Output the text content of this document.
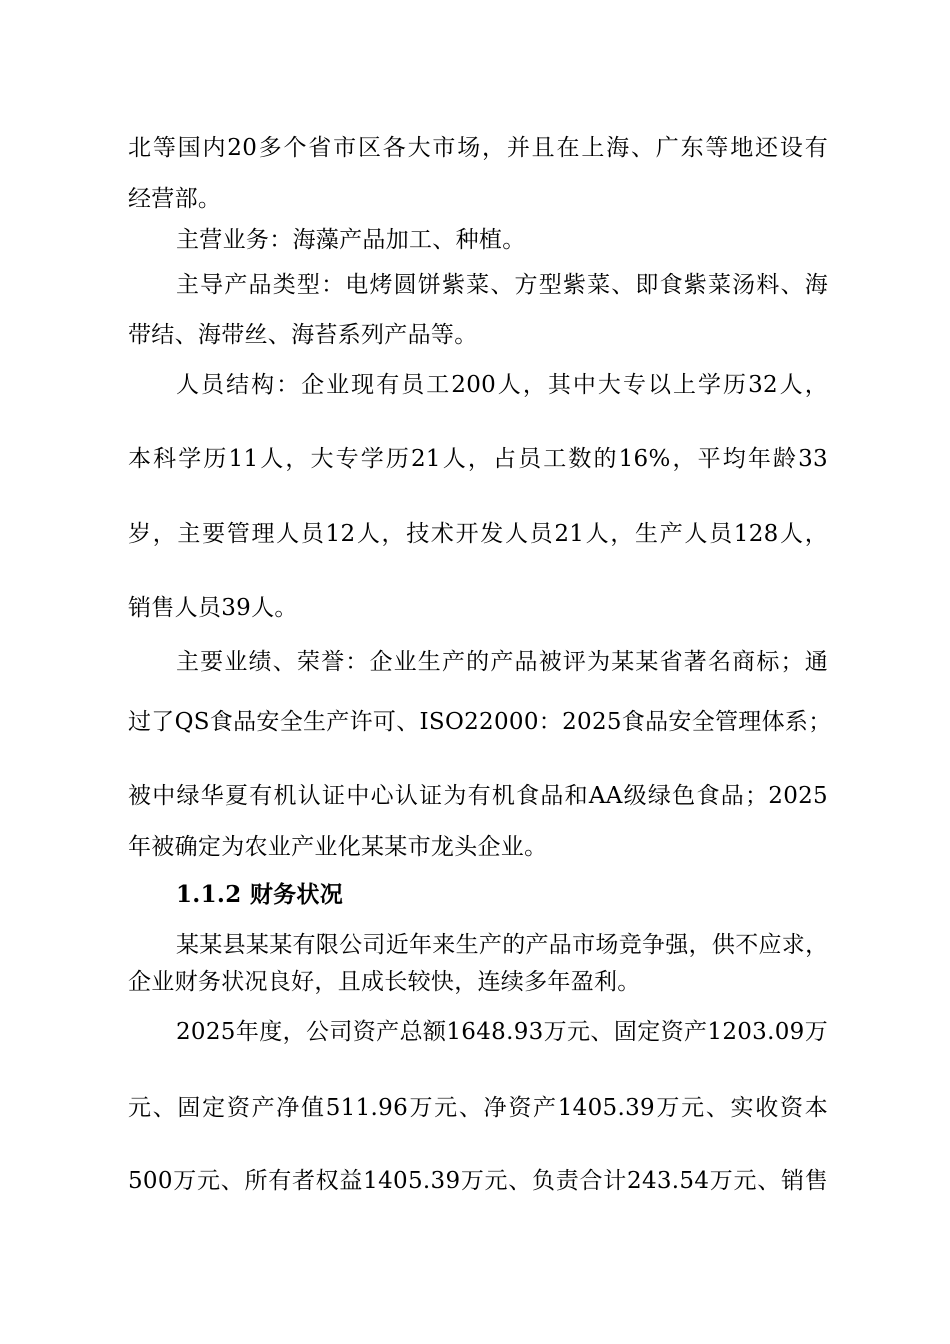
北等国内20多个省市区各大市场，并且在上海、广东等地还设有
经营部。
主营业务：海藻产品加工、种植。
主导产品类型：电烤圆饼紫菜、方型紫菜、即食紫菜汤料、海
带结、海带丝、海苔系列产品等。
人员结构：企业现有员工200人，其中大专以上学历32人，
本科学历11人，大专学历21人，占员工数的16%，平均年龄33
岁，主要管理人员12人，技术开发人员21人，生产人员128人，
销售人员39人。
主要业绩、荣誉：企业生产的产品被评为某某省著名商标；通
过了QS食品安全生产许可、ISO22000：2025食品安全管理体系；
被中绿华夏有机认证中心认证为有机食品和AA级绿色食品；2025
年被确定为农业产业化某某市龙头企业。
1.1.2 财务状况
某某县某某有限公司近年来生产的产品市场竞争强，供不应求，
企业财务状况良好，且成长较快，连续多年盈利。
2025年度，公司资产总额1648.93万元、固定资产1203.09万
元、固定资产净值511.96万元、净资产1405.39万元、实收资本
500万元、所有者权益1405.39万元、负责合计243.54万元、销售
